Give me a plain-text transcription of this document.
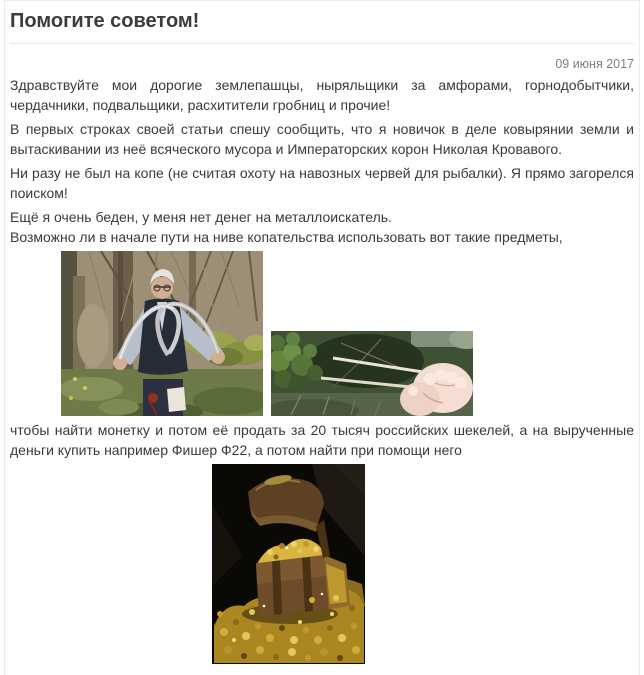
Помогите советом!
09 июня 2017

Здравствуйте мои дорогие землепашцы, ныряльщики за амфорами, горнодобытчики, чердачники, подвальщики, расхитители гробниц и прочие!

В первых строках своей статьи спешу сообщить, что я новичок в деле ковырянии земли и вытаскивании из неё всяческого мусора и Императорских корон Николая Кровавого.

Ни разу не был на копе (не считая охоту на навозных червей для рыбалки). Я прямо загорелся поиском!

Ещё я очень беден, у меня нет денег на металлоискатель.
Возможно ли в начале пути на ниве копательства использовать вот такие предметы,

чтобы найти монетку и потом её продать за 20 тысяч российских шекелей, а на вырученные деньги купить например Фишер Ф22, а потом найти при помощи него
